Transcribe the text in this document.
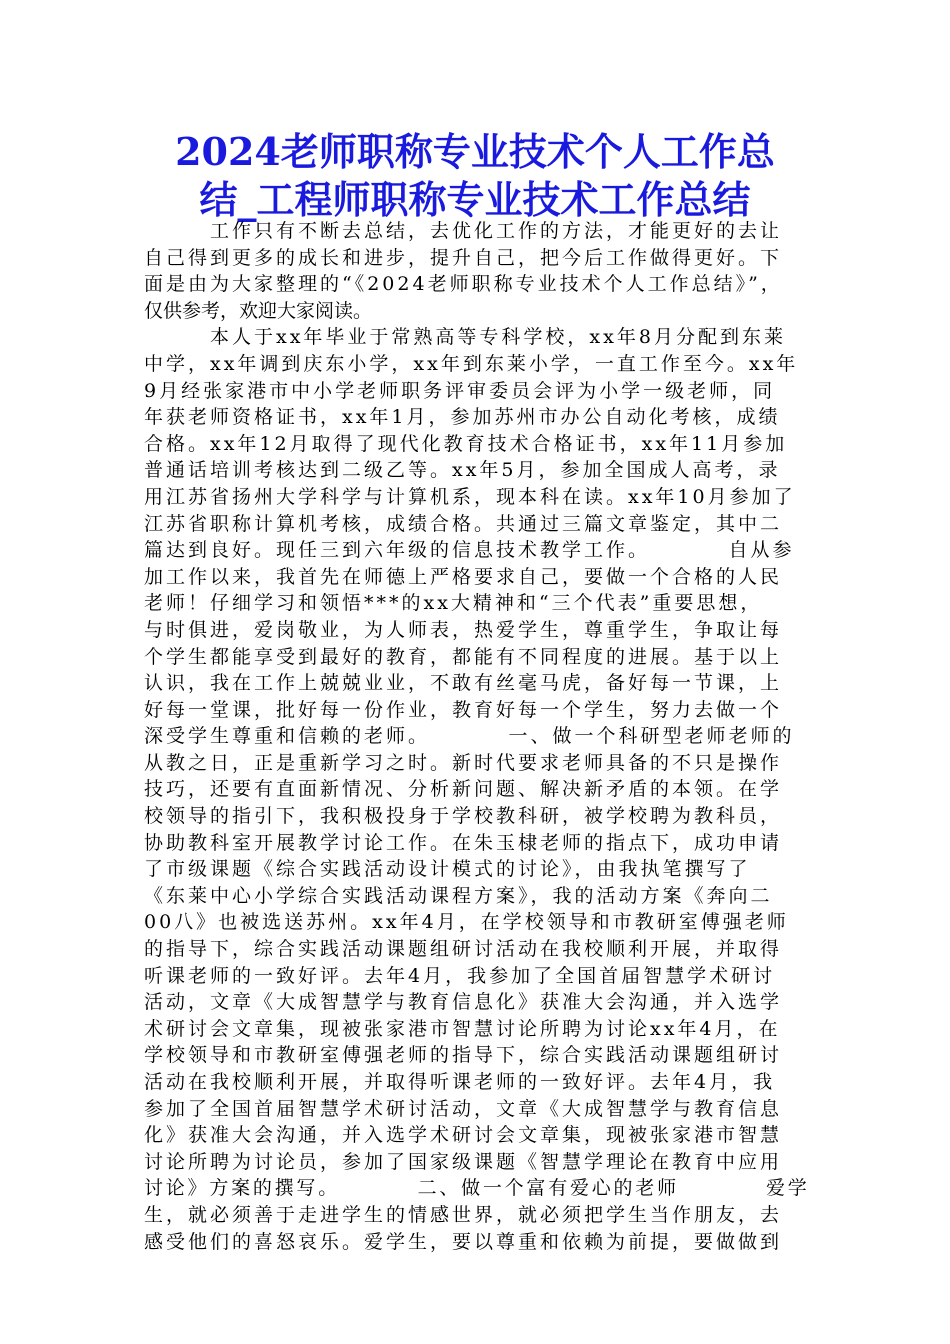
2024老师职称专业技术个人工作总
结_工程师职称专业技术工作总结
　　　工作只有不断去总结，去优化工作的方法，才能更好的去让
自己得到更多的成长和进步，提升自己，把今后工作做得更好。下
面是由为大家整理的“《2024老师职称专业技术个人工作总结》”，
仅供参考，欢迎大家阅读。
　　　本人于xx年毕业于常熟高等专科学校，xx年8月分配到东莱
中学，xx年调到庆东小学，xx年到东莱小学，一直工作至今。xx年
9月经张家港市中小学老师职务评审委员会评为小学一级老师，同
年获老师资格证书，xx年1月，参加苏州市办公自动化考核，成绩
合格。xx年12月取得了现代化教育技术合格证书，xx年11月参加
普通话培训考核达到二级乙等。xx年5月，参加全国成人高考，录
用江苏省扬州大学科学与计算机系，现本科在读。xx年10月参加了
江苏省职称计算机考核，成绩合格。共通过三篇文章鉴定，其中二
篇达到良好。现任三到六年级的信息技术教学工作。　　　　自从参
加工作以来，我首先在师德上严格要求自己，要做一个合格的人民
老师！仔细学习和领悟***的xx大精神和“三个代表”重要思想，
与时俱进，爱岗敬业，为人师表，热爱学生，尊重学生，争取让每
个学生都能享受到最好的教育，都能有不同程度的进展。基于以上
认识，我在工作上兢兢业业，不敢有丝毫马虎，备好每一节课，上
好每一堂课，批好每一份作业，教育好每一个学生，努力去做一个
深受学生尊重和信赖的老师。　　　　一、做一个科研型老师老师的
从教之日，正是重新学习之时。新时代要求老师具备的不只是操作
技巧，还要有直面新情况、分析新问题、解决新矛盾的本领。在学
校领导的指引下，我积极投身于学校教科研，被学校聘为教科员，
协助教科室开展教学讨论工作。在朱玉棣老师的指点下，成功申请
了市级课题《综合实践活动设计模式的讨论》，由我执笔撰写了
《东莱中心小学综合实践活动课程方案》，我的活动方案《奔向二
00八》也被选送苏州。xx年4月，在学校领导和市教研室傅强老师
的指导下，综合实践活动课题组研讨活动在我校顺利开展，并取得
听课老师的一致好评。去年4月，我参加了全国首届智慧学术研讨
活动，文章《大成智慧学与教育信息化》获准大会沟通，并入选学
术研讨会文章集，现被张家港市智慧讨论所聘为讨论xx年4月，在
学校领导和市教研室傅强老师的指导下，综合实践活动课题组研讨
活动在我校顺利开展，并取得听课老师的一致好评。去年4月，我
参加了全国首届智慧学术研讨活动，文章《大成智慧学与教育信息
化》获准大会沟通，并入选学术研讨会文章集，现被张家港市智慧
讨论所聘为讨论员，参加了国家级课题《智慧学理论在教育中应用
讨论》方案的撰写。　　　　二、做一个富有爱心的老师　　　　爱学
生，就必须善于走进学生的情感世界，就必须把学生当作朋友，去
感受他们的喜怒哀乐。爱学生，要以尊重和依赖为前提，要做做到
